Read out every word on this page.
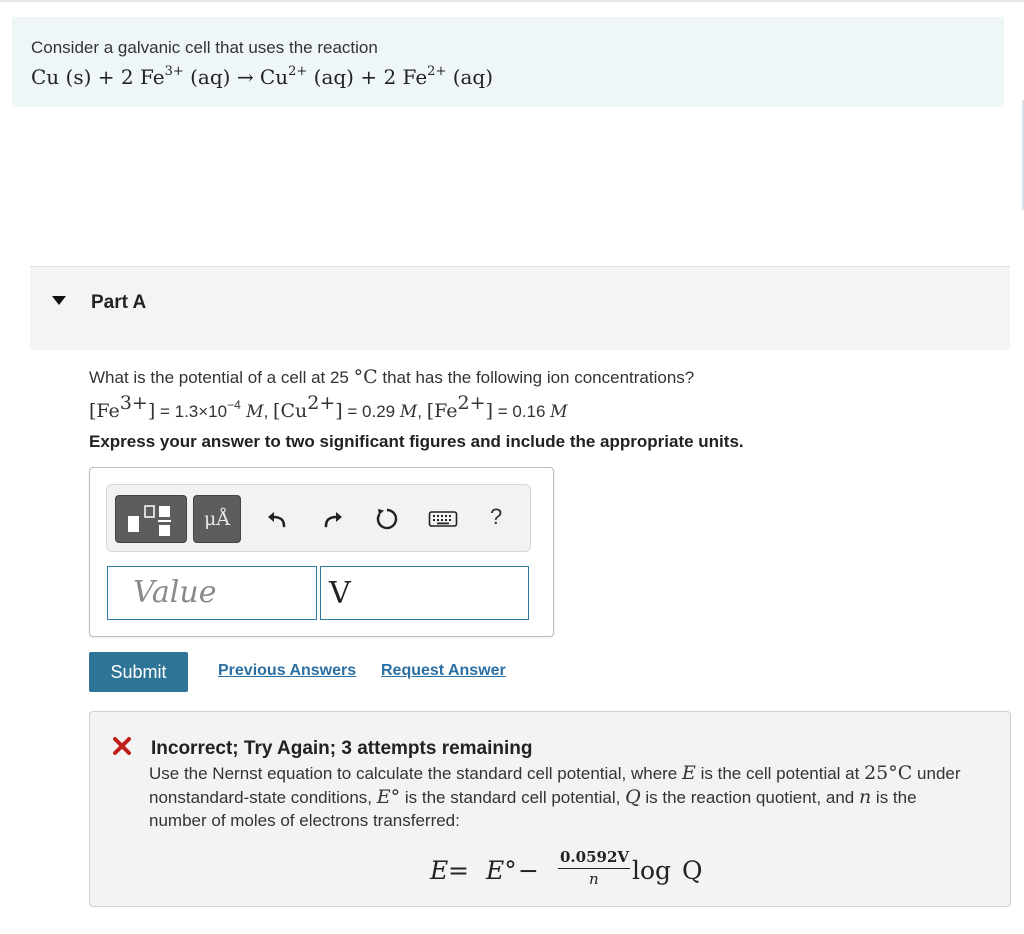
Consider a galvanic cell that uses the reaction
Cu (s) + 2 $Fe^{3+}$ $(aq) \to Cu^{2+}$ (aq) + 2 $Fe^{2+}$ (aq)
Part A
What is the potential of a cell at 25 °C that has the following ion concentrations?
$[Fe^{3+}] = 1.3\times 10^{-4}$ M, $[Cu^{2+}] = 0.29$ M, $[Fe^{2+}] = 0.16$ M
Express your answer to two significant figures and include the appropriate units.
μÅ	?
Value	V
Submit	Previous Answers Request Answer
Incorrect; Try Again; 3 attempts remaining
Use the Nernst equation to calculate the standard cell potential, where E is the cell potential at 25°C under nonstandard-state conditions, E° is the standard cell potential, Q is the reaction quotient, and n is the number of moles of electrons transferred:
E = E° − 0.0592V
n log Q
